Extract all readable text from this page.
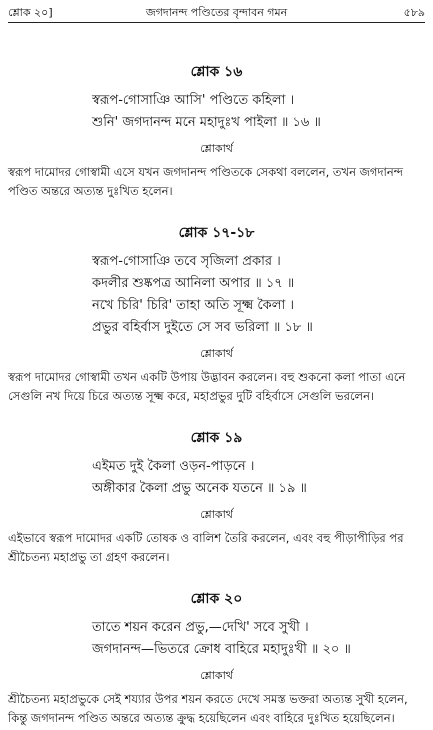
শ্লোক ২০]	জগদানন্দ পণ্ডিতের বৃন্দাবন গমন	৫৮৯
শ্লোক ১৬
স্বরূপ-গোসাঞি আসি' পণ্ডিতে কহিলা ।
শুনি' জগদানন্দ মনে মহাদুঃখ পাইলা ॥ ১৬ ॥
শ্লোকার্থ
স্বরূপ দামোদর গোস্বামী এসে যখন জগদানন্দ পণ্ডিতকে সেকথা বললেন, তখন জগদানন্দ পণ্ডিত অন্তরে অত্যন্ত দুঃখিত হলেন।
শ্লোক ১৭-১৮
স্বরূপ-গোসাঞি তবে সৃজিলা প্রকার ।
কদলীর শুষ্কপত্র আনিলা অপার ॥ ১৭ ॥
নখে চিরি' চিরি' তাহা অতি সূক্ষ্ম কৈলা ।
প্রভুর বহির্বাস দুইতে সে সব ভরিলা ॥ ১৮ ॥
শ্লোকার্থ
স্বরূপ দামোদর গোস্বামী তখন একটি উপায় উদ্ভাবন করলেন। বহু শুকনো কলা পাতা এনে সেগুলি নখ দিয়ে চিরে অত্যন্ত সূক্ষ্ম করে, মহাপ্রভুর দুটি বহির্বাসে সেগুলি ভরলেন।
শ্লোক ১৯
এইমত দুই কৈলা ওড়ন-পাড়নে ।
অঙ্গীকার কৈলা প্রভু অনেক যতনে ॥ ১৯ ॥
শ্লোকার্থ
এইভাবে স্বরূপ দামোদর একটি তোষক ও বালিশ তৈরি করলেন, এবং বহু পীড়াপীড়ির পর শ্রীচৈতন্য মহাপ্রভু তা গ্রহণ করলেন।
শ্লোক ২০
তাতে শয়ন করেন প্রভু,—দেখি' সবে সুখী ।
জগদানন্দ—ভিতরে ক্রোধ বাহিরে মহাদুঃখী ॥ ২০ ॥
শ্লোকার্থ
শ্রীচৈতন্য মহাপ্রভুকে সেই শয্যার উপর শয়ন করতে দেখে সমস্ত ভক্তরা অত্যন্ত সুখী হলেন, কিন্তু জগদানন্দ পণ্ডিত অন্তরে অত্যন্ত ক্রুদ্ধ হয়েছিলেন এবং বাহিরে দুঃখিত হয়েছিলেন।
